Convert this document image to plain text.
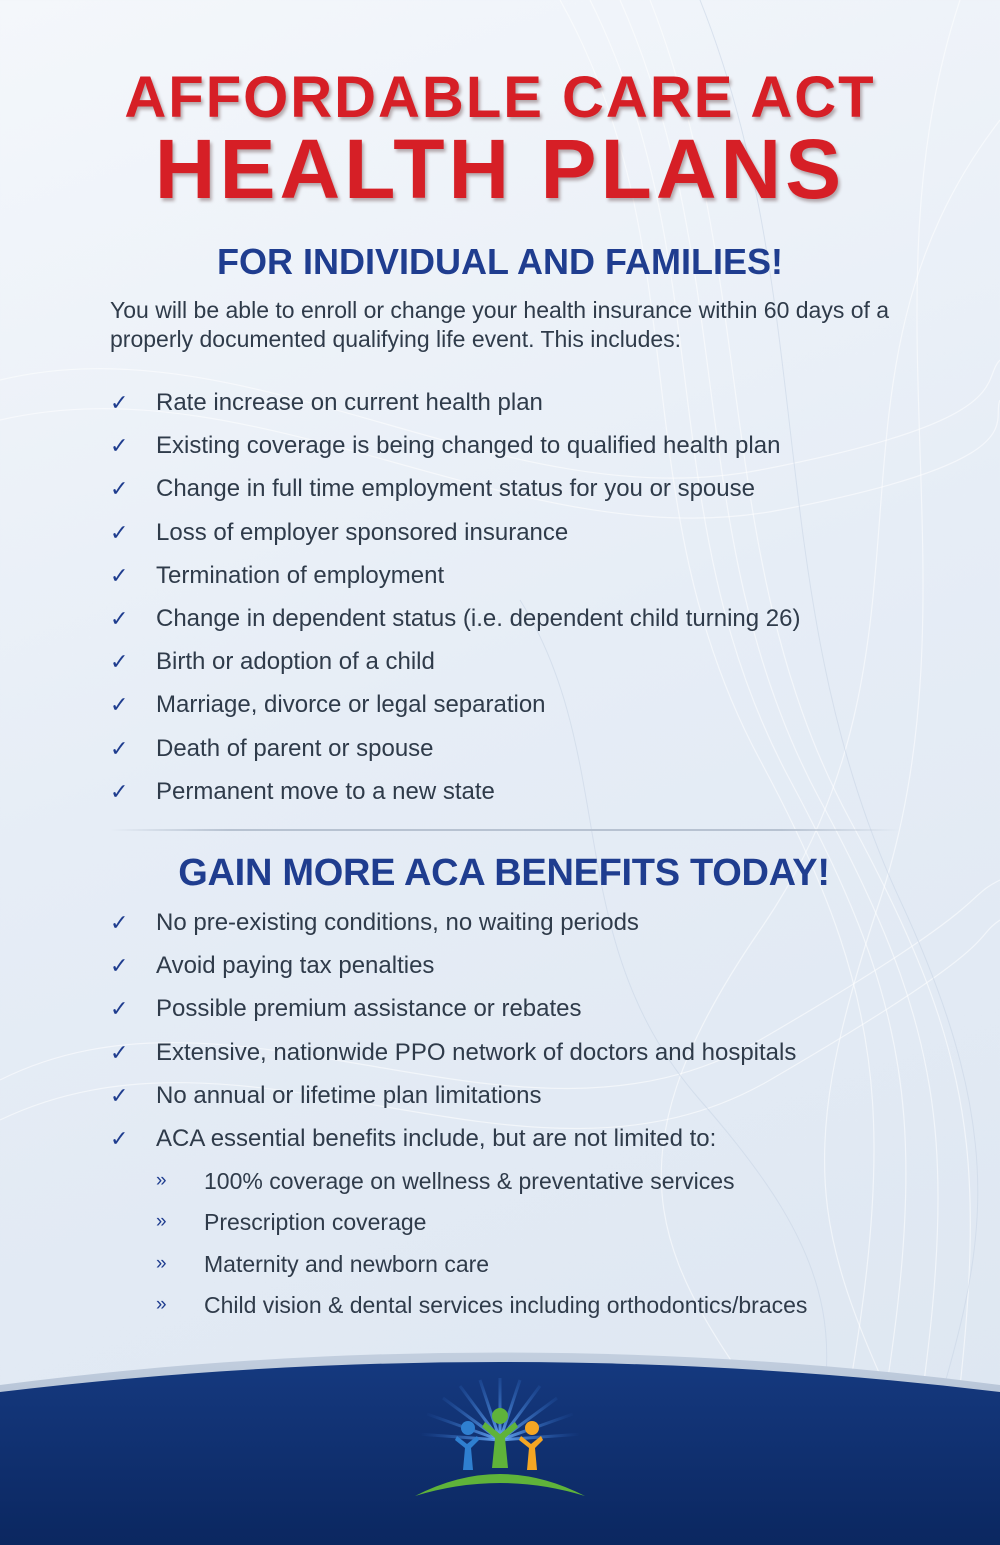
AFFORDABLE CARE ACT
HEALTH PLANS
FOR INDIVIDUAL AND FAMILIES!

You will be able to enroll or change your health insurance within 60 days of a properly documented qualifying life event. This includes:

✓ Rate increase on current health plan
✓ Existing coverage is being changed to qualified health plan
✓ Change in full time employment status for you or spouse
✓ Loss of employer sponsored insurance
✓ Termination of employment
✓ Change in dependent status (i.e. dependent child turning 26)
✓ Birth or adoption of a child
✓ Marriage, divorce or legal separation
✓ Death of parent or spouse
✓ Permanent move to a new state
GAIN MORE ACA BENEFITS TODAY!
✓ No pre-existing conditions, no waiting periods
✓ Avoid paying tax penalties
✓ Possible premium assistance or rebates
✓ Extensive, nationwide PPO network of doctors and hospitals
✓ No annual or lifetime plan limitations
✓ ACA essential benefits include, but are not limited to:
» 100% coverage on wellness & preventative services
» Prescription coverage
» Maternity and newborn care
» Child vision & dental services including orthodontics/braces
